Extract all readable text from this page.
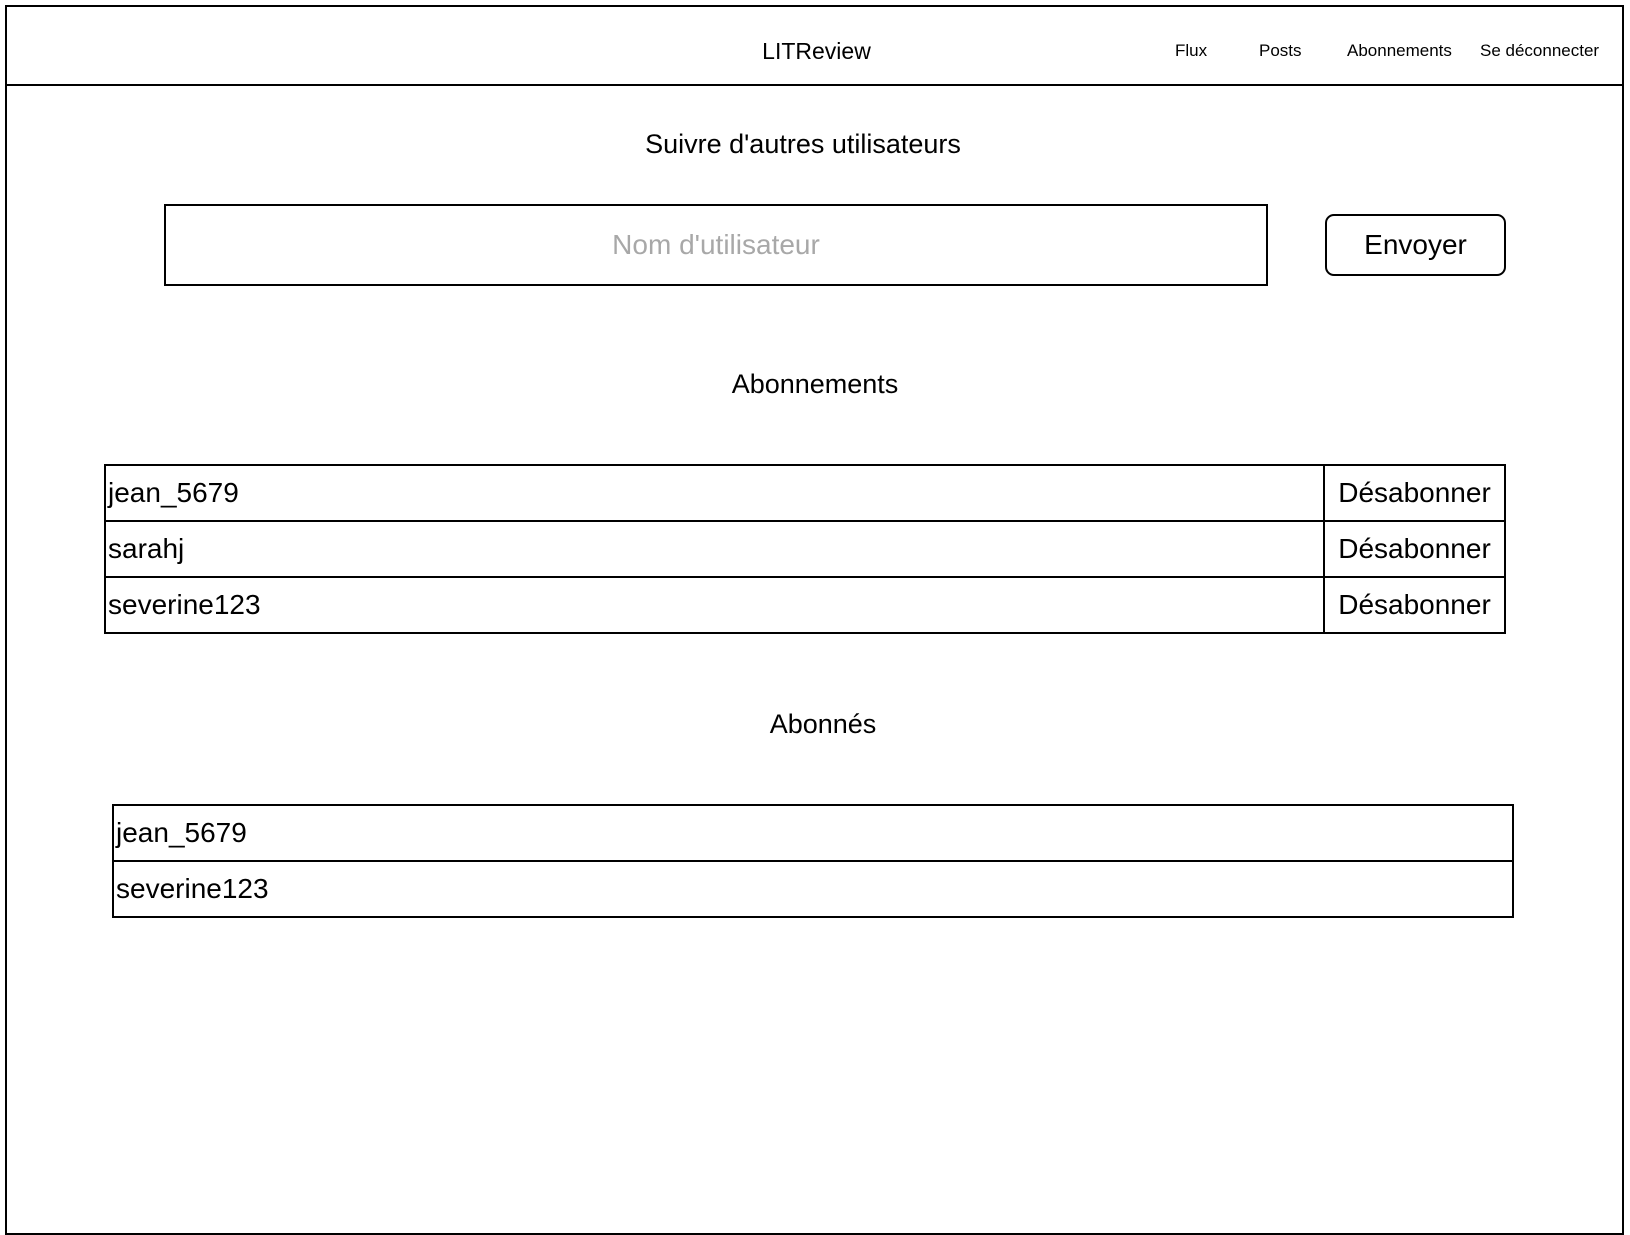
LITReview	Flux	Posts	Abonnements Se déconnecter
Suivre d'autres utilisateurs
Nom d'utilisateur
Envoyer
Abonnements
jean_5679	Désabonner
sarahj	Désabonner
severine123	Désabonner
Abonnés
jean_5679
severine123
